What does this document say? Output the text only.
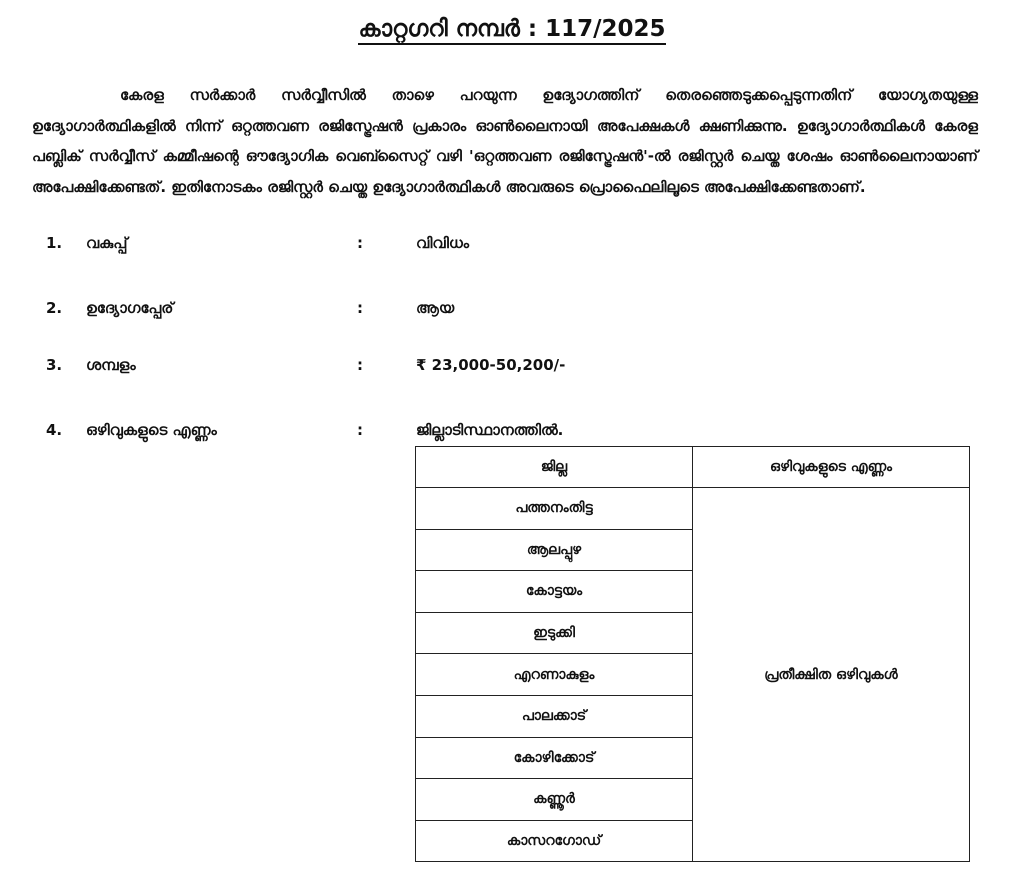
കാറ്റഗറി നമ്പർ : 117/2025

കേരള സർക്കാർ സർവ്വീസിൽ താഴെ പറയുന്ന ഉദ്യോഗത്തിന് തെരഞ്ഞെടുക്കപ്പെടുന്നതിന് യോഗ്യതയുള്ള ഉദ്യോഗാർത്ഥികളിൽ നിന്ന് ഒറ്റത്തവണ രജിസ്ട്രേഷൻ പ്രകാരം ഓൺലൈനായി അപേക്ഷകൾ ക്ഷണിക്കുന്നു. ഉദ്യോഗാർത്ഥികൾ കേരള പബ്ലിക് സർവ്വീസ് കമ്മീഷന്റെ ഔദ്യോഗിക വെബ്സൈറ്റ് വഴി 'ഒറ്റത്തവണ രജിസ്ട്രേഷൻ'-ൽ രജിസ്റ്റർ ചെയ്ത ശേഷം ഓൺലൈനായാണ് അപേക്ഷിക്കേണ്ടത്. ഇതിനോടകം രജിസ്റ്റർ ചെയ്ത ഉദ്യോഗാർത്ഥികൾ അവരുടെ പ്രൊഫൈലിലൂടെ അപേക്ഷിക്കേണ്ടതാണ്.

1. വകുപ്പ്	:	വിവിധം
2. ഉദ്യോഗപ്പേര്	:	ആയ
3. ശമ്പളം	:	₹ 23,000-50,200/-
4. ഒഴിവുകളുടെ എണ്ണം	:	ജില്ലാടിസ്ഥാനത്തിൽ.
ജില്ല	ഒഴിവുകളുടെ എണ്ണം
പത്തനംതിട്ട	പ്രതീക്ഷിത ഒഴിവുകൾ
ആലപ്പുഴ	
കോട്ടയം	
ഇടുക്കി	
എറണാകുളം	
പാലക്കാട്	
കോഴിക്കോട്	
കണ്ണൂർ	
കാസറഗോഡ്	
